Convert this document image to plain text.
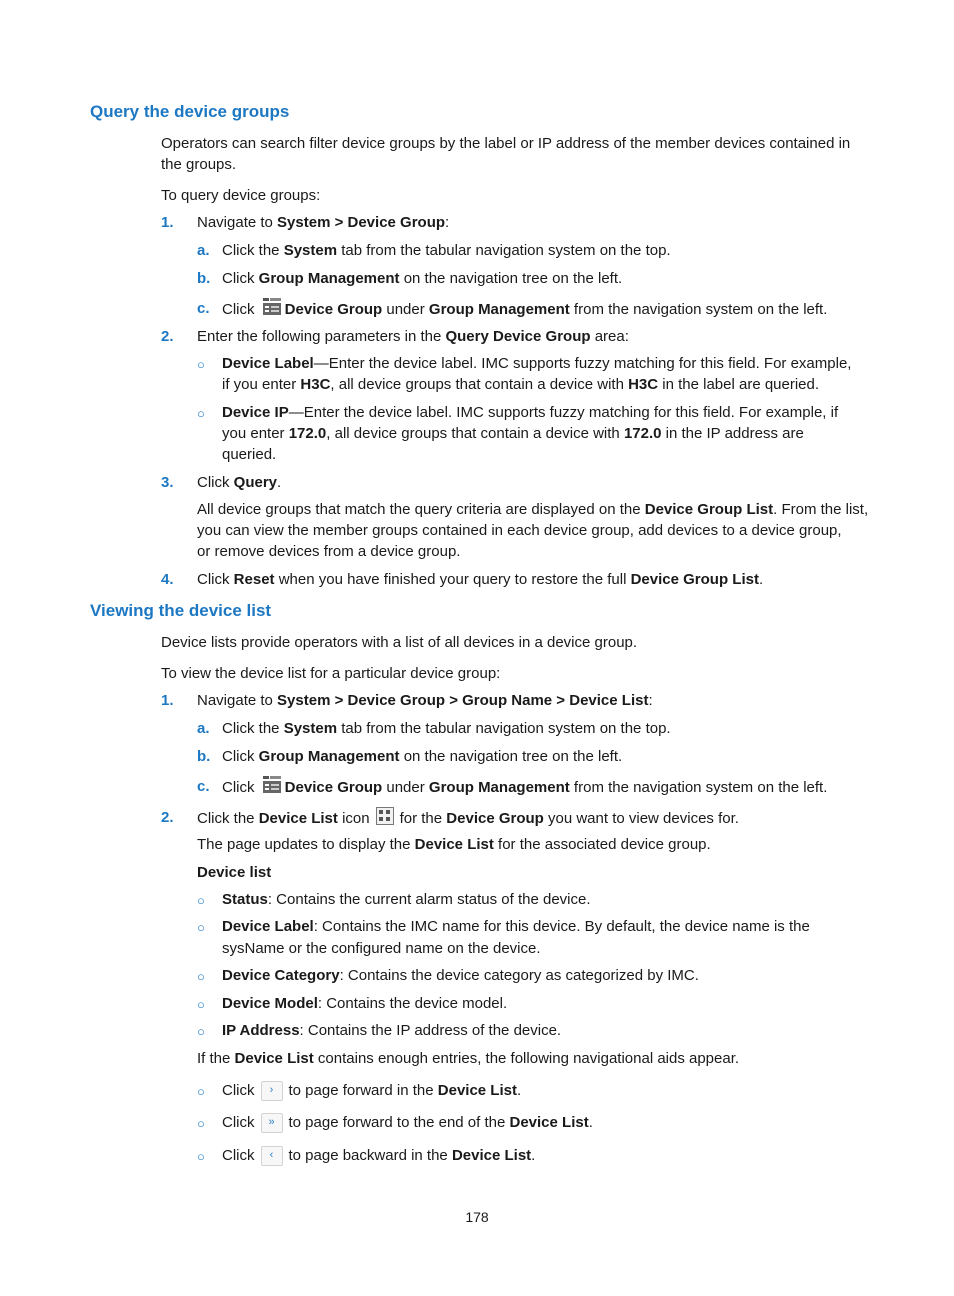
Query the device groups
Operators can search filter device groups by the label or IP address of the member devices contained in
the groups.
To query device groups:
1. Navigate to System > Device Group:
a. Click the System tab from the tabular navigation system on the top.
b. Click Group Management on the navigation tree on the left.
c. Click Device Group under Group Management from the navigation system on the left.
2. Enter the following parameters in the Query Device Group area:
○ Device Label—Enter the device label. IMC supports fuzzy matching for this field. For example,
if you enter H3C, all device groups that contain a device with H3C in the label are queried.
○ Device IP—Enter the device label. IMC supports fuzzy matching for this field. For example, if
you enter 172.0, all device groups that contain a device with 172.0 in the IP address are
queried.
3. Click Query.
All device groups that match the query criteria are displayed on the Device Group List. From the list,
you can view the member groups contained in each device group, add devices to a device group,
or remove devices from a device group.
4. Click Reset when you have finished your query to restore the full Device Group List.
Viewing the device list
Device lists provide operators with a list of all devices in a device group.
To view the device list for a particular device group:
1. Navigate to System > Device Group > Group Name > Device List:
a. Click the System tab from the tabular navigation system on the top.
b. Click Group Management on the navigation tree on the left.
c. Click Device Group under Group Management from the navigation system on the left.
2. Click the Device List icon for the Device Group you want to view devices for.
The page updates to display the Device List for the associated device group.
Device list
○ Status: Contains the current alarm status of the device.
○ Device Label: Contains the IMC name for this device. By default, the device name is the
sysName or the configured name on the device.
○ Device Category: Contains the device category as categorized by IMC.
○ Device Model: Contains the device model.
○ IP Address: Contains the IP address of the device.
If the Device List contains enough entries, the following navigational aids appear.
○ Click › to page forward in the Device List.
○ Click » to page forward to the end of the Device List.
○ Click ‹ to page backward in the Device List.
178
